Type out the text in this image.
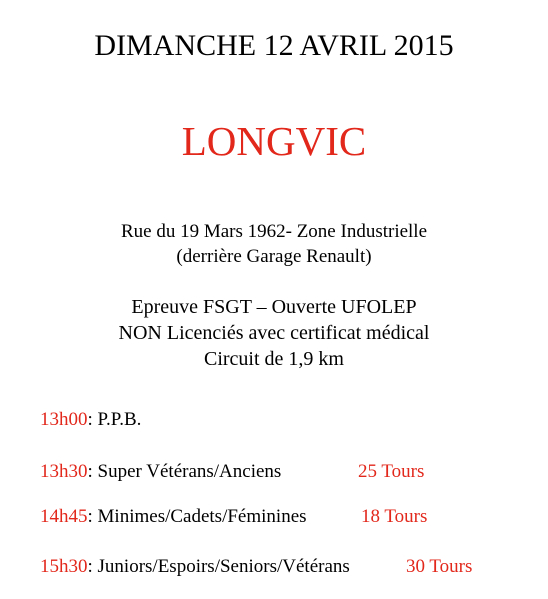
DIMANCHE 12 AVRIL 2015
LONGVIC
Rue du 19 Mars 1962- Zone Industrielle
(derrière Garage Renault)
Epreuve FSGT – Ouverte UFOLEP
NON Licenciés avec certificat médical
Circuit de 1,9 km
13h00: P.P.B.
13h30: Super Vétérans/Anciens	25 Tours
14h45: Minimes/Cadets/Féminines	18 Tours
15h30: Juniors/Espoirs/Seniors/Vétérans	30 Tours
